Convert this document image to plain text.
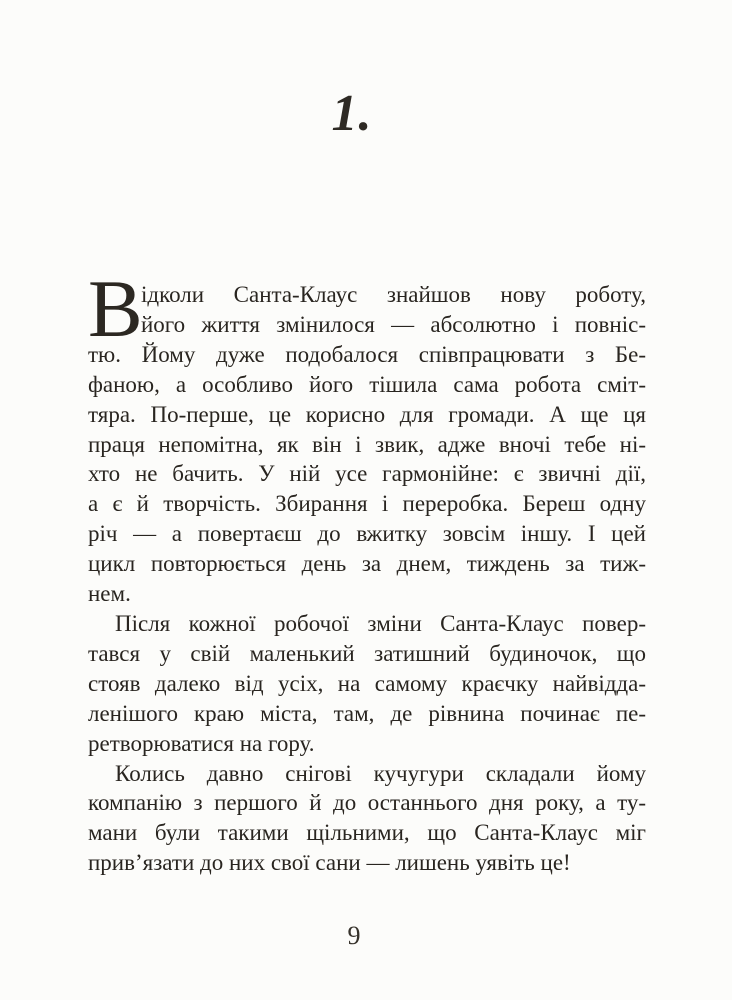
1.
В
ідколи Санта-Клаус знайшов нову роботу,
його життя змінилося — абсолютно і повніс-
тю. Йому дуже подобалося співпрацювати з Бе-
фаною, а особливо його тішила сама робота сміт-
тяра. По-перше, це корисно для громади. А ще ця
праця непомітна, як він і звик, адже вночі тебе ні-
хто не бачить. У ній усе гармонійне: є звичні дії,
а є й творчість. Збирання і переробка. Береш одну
річ — а повертаєш до вжитку зовсім іншу. І цей
цикл повторюється день за днем, тиждень за тиж-
нем.
Після кожної робочої зміни Санта-Клаус повер-
тався у свій маленький затишний будиночок, що
стояв далеко від усіх, на самому краєчку найвідда-
ленішого краю міста, там, де рівнина починає пе-
ретворюватися на гору.
Колись давно снігові кучугури складали йому
компанію з першого й до останнього дня року, а ту-
мани були такими щільними, що Санта-Клаус міг
прив’язати до них свої сани — лишень уявіть це!
9
